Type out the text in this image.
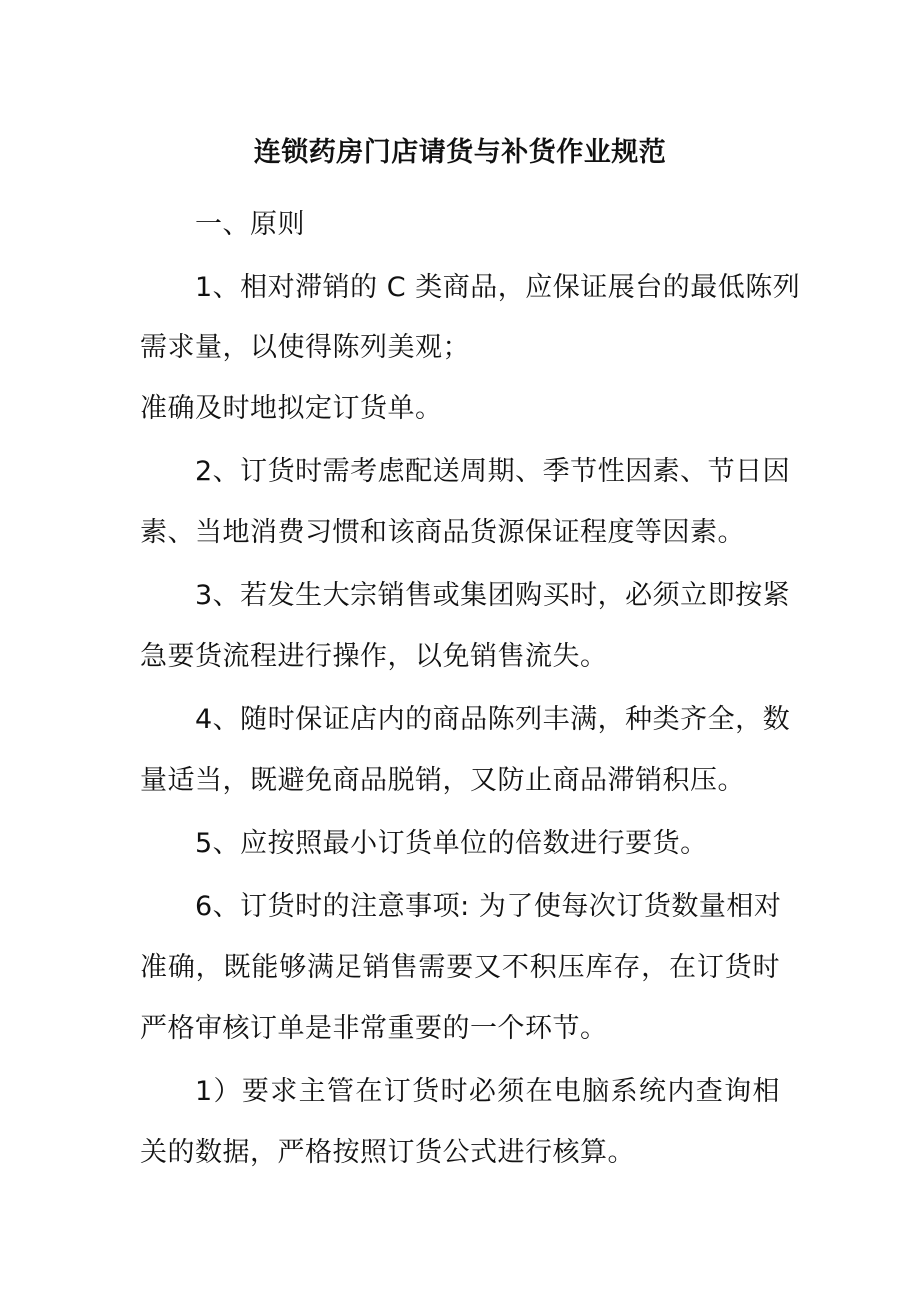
连锁药房门店请货与补货作业规范
一、原则
1、相对滞销的 C 类商品，应保证展台的最低陈列
需求量，以使得陈列美观；
准确及时地拟定订货单。
2、订货时需考虑配送周期、季节性因素、节日因
素、当地消费习惯和该商品货源保证程度等因素。
3、若发生大宗销售或集团购买时，必须立即按紧
急要货流程进行操作，以免销售流失。
4、随时保证店内的商品陈列丰满，种类齐全，数
量适当，既避免商品脱销，又防止商品滞销积压。
5、应按照最小订货单位的倍数进行要货。
6、订货时的注意事项: 为了使每次订货数量相对
准确，既能够满足销售需要又不积压库存，在订货时
严格审核订单是非常重要的一个环节。
1）要求主管在订货时必须在电脑系统内查询相
关的数据，严格按照订货公式进行核算。
